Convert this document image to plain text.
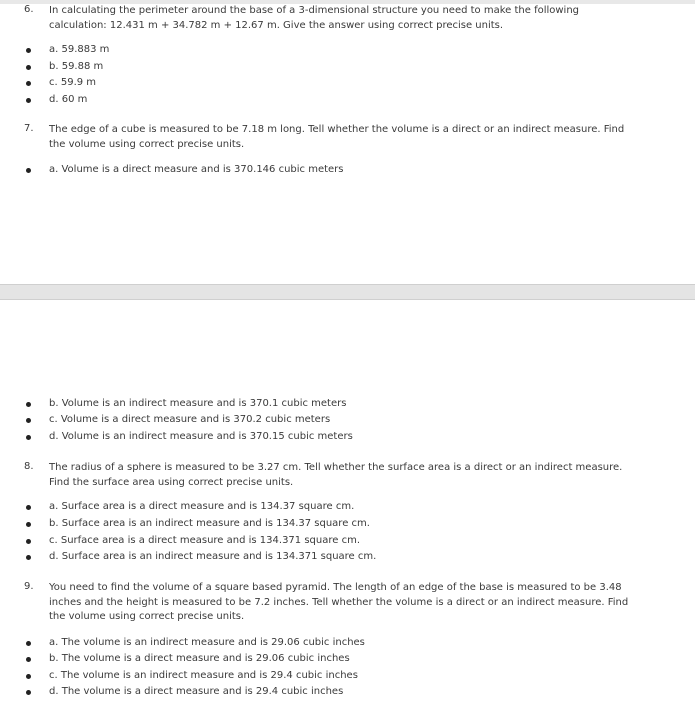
6. In calculating the perimeter around the base of a 3-dimensional structure you need to make the following calculation: 12.431 m + 34.782 m + 12.67 m. Give the answer using correct precise units.
a. 59.883 m
b. 59.88 m
c. 59.9 m
d. 60 m
7. The edge of a cube is measured to be 7.18 m long. Tell whether the volume is a direct or an indirect measure. Find the volume using correct precise units.
a. Volume is a direct measure and is 370.146 cubic meters
b. Volume is an indirect measure and is 370.1 cubic meters
c. Volume is a direct measure and is 370.2 cubic meters
d. Volume is an indirect measure and is 370.15 cubic meters
8. The radius of a sphere is measured to be 3.27 cm. Tell whether the surface area is a direct or an indirect measure. Find the surface area using correct precise units.
a. Surface area is a direct measure and is 134.37 square cm.
b. Surface area is an indirect measure and is 134.37 square cm.
c. Surface area is a direct measure and is 134.371 square cm.
d. Surface area is an indirect measure and is 134.371 square cm.
9. You need to find the volume of a square based pyramid. The length of an edge of the base is measured to be 3.48 inches and the height is measured to be 7.2 inches. Tell whether the volume is a direct or an indirect measure. Find the volume using correct precise units.
a. The volume is an indirect measure and is 29.06 cubic inches
b. The volume is a direct measure and is 29.06 cubic inches
c. The volume is an indirect measure and is 29.4 cubic inches
d. The volume is a direct measure and is 29.4 cubic inches
